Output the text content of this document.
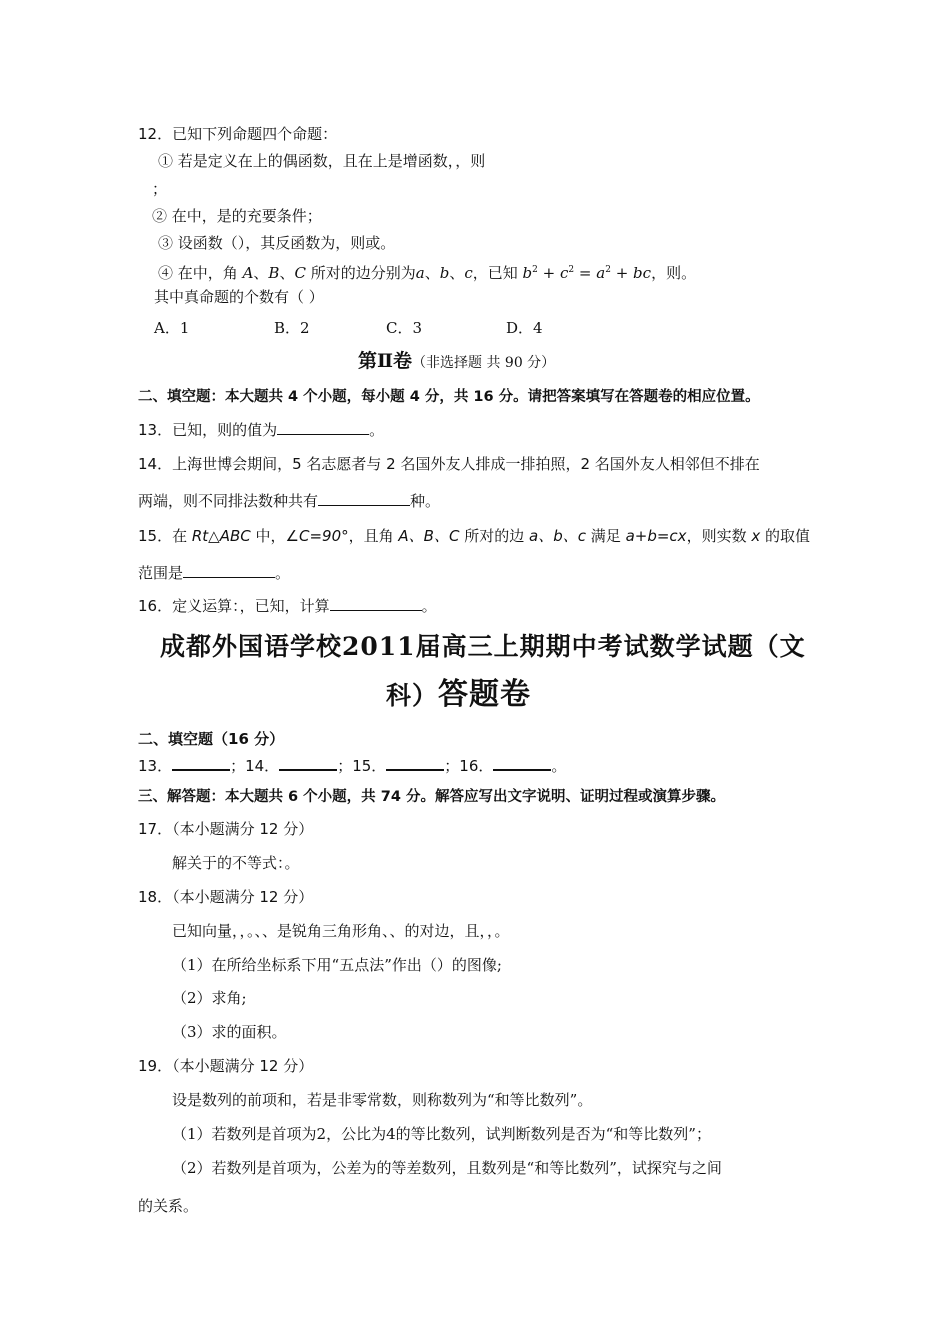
12．已知下列命题四个命题：
① 若是定义在上的偶函数，且在上是增函数，，则
；
② 在中，是的充要条件；
③ 设函数（），其反函数为，则或。
④ 在中，角 A、B、C 所对的边分别为a、b、c，已知 $b^2 + c^2 = a^2$ + bc，则。
其中真命题的个数有（ ）
A．1	B．2	C．3	D．4
第Ⅱ卷（非选择题 共 90 分）
二、填空题：本大题共 4 个小题，每小题 4 分，共 16 分。请把答案填写在答题卷的相应位置。
13．已知，则的值为	。
14．上海世博会期间，5 名志愿者与 2 名国外友人排成一排拍照，2 名国外友人相邻但不排在
两端，则不同排法数种共有	种。
15．在 Rt△ABC 中，∠C=90°，且角 A、B、C 所对的边 a、b、c 满足 a+b=cx，则实数 x 的取值
范围是	。
16．定义运算：，已知，计算	。
成都外国语学校2011届高三上期期中考试数学试题（文
科）答题卷
二、填空题（16 分）
13．	；14．	；15．	；16．	。
三、解答题：本大题共 6 个小题，共 74 分。解答应写出文字说明、证明过程或演算步骤。
17．（本小题满分 12 分）
解关于的不等式：。
18．（本小题满分 12 分）
已知向量，，。、、是锐角三角形角、、的对边，且，，。
（1）在所给坐标系下用“五点法”作出（）的图像;
（2）求角;
（3）求的面积。
19．（本小题满分 12 分）
设是数列的前项和，若是非零常数，则称数列为“和等比数列”。
（1）若数列是首项为2，公比为4的等比数列，试判断数列是否为“和等比数列”；
（2）若数列是首项为，公差为的等差数列，且数列是“和等比数列”，试探究与之间
的关系。
